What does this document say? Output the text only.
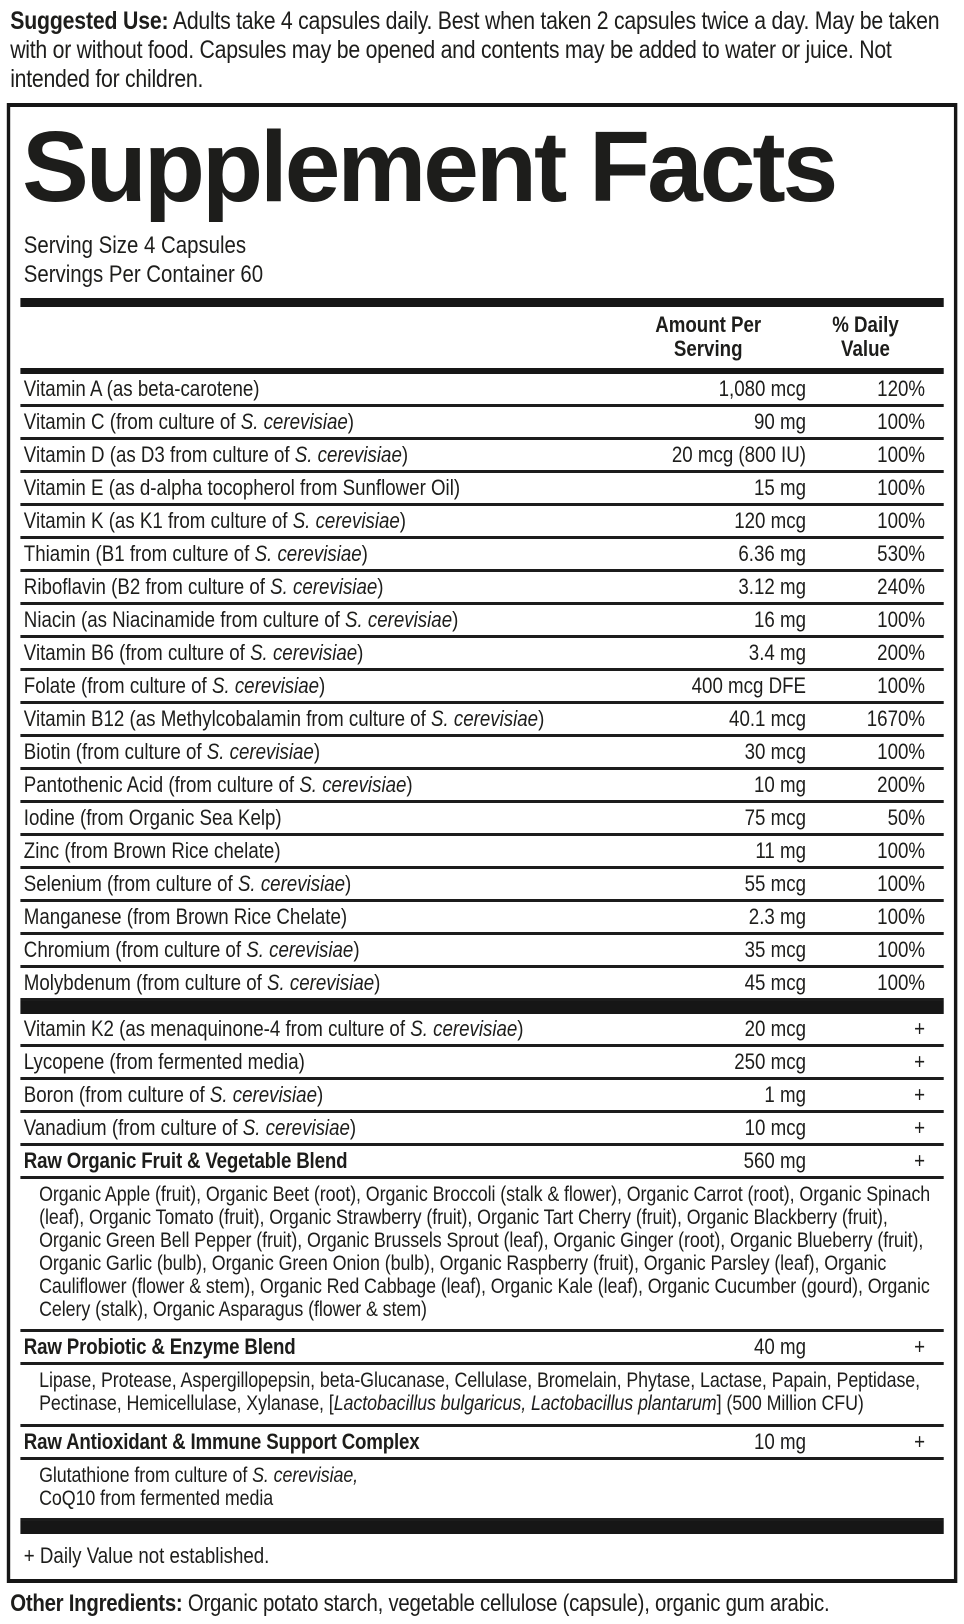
Suggested Use: Adults take 4 capsules daily. Best when taken 2 capsules twice a day. May be taken with or without food. Capsules may be opened and contents may be added to water or juice. Not intended for children.
Supplement Facts
Serving Size 4 Capsules
Servings Per Container 60
Amount Per
Serving
% Daily
Value
Vitamin A (as beta-carotene)	1,080 mcg	120%
Vitamin C (from culture of S. cerevisiae)	90 mg	100%
Vitamin D (as D3 from culture of S. cerevisiae)	20 mcg (800 IU)	100%
Vitamin E (as d-alpha tocopherol from Sunflower Oil)	15 mg	100%
Vitamin K (as K1 from culture of S. cerevisiae)	120 mcg	100%
Thiamin (B1 from culture of S. cerevisiae)	6.36 mg	530%
Riboflavin (B2 from culture of S. cerevisiae)	3.12 mg	240%
Niacin (as Niacinamide from culture of S. cerevisiae)	16 mg	100%
Vitamin B6 (from culture of S. cerevisiae)	3.4 mg	200%
Folate (from culture of S. cerevisiae)	400 mcg DFE	100%
Vitamin B12 (as Methylcobalamin from culture of S. cerevisiae)	40.1 mcg	1670%
Biotin (from culture of S. cerevisiae)	30 mcg	100%
Pantothenic Acid (from culture of S. cerevisiae)	10 mg	200%
Iodine (from Organic Sea Kelp)	75 mcg	50%
Zinc (from Brown Rice chelate)	11 mg	100%
Selenium (from culture of S. cerevisiae)	55 mcg	100%
Manganese (from Brown Rice Chelate)	2.3 mg	100%
Chromium (from culture of S. cerevisiae)	35 mcg	100%
Molybdenum (from culture of S. cerevisiae)	45 mcg	100%
Vitamin K2 (as menaquinone-4 from culture of S. cerevisiae)	20 mcg	+
Lycopene (from fermented media)	250 mcg	+
Boron (from culture of S. cerevisiae)	1 mg	+
Vanadium (from culture of S. cerevisiae)	10 mcg	+
Raw Organic Fruit & Vegetable Blend	560 mg	+
Organic Apple (fruit), Organic Beet (root), Organic Broccoli (stalk & flower), Organic Carrot (root), Organic Spinach (leaf), Organic Tomato (fruit), Organic Strawberry (fruit), Organic Tart Cherry (fruit), Organic Blackberry (fruit), Organic Green Bell Pepper (fruit), Organic Brussels Sprout (leaf), Organic Ginger (root), Organic Blueberry (fruit), Organic Garlic (bulb), Organic Green Onion (bulb), Organic Raspberry (fruit), Organic Parsley (leaf), Organic Cauliflower (flower & stem), Organic Red Cabbage (leaf), Organic Kale (leaf), Organic Cucumber (gourd), Organic Celery (stalk), Organic Asparagus (flower & stem)
Raw Probiotic & Enzyme Blend	40 mg	+
Lipase, Protease, Aspergillopepsin, beta-Glucanase, Cellulase, Bromelain, Phytase, Lactase, Papain, Peptidase, Pectinase, Hemicellulase, Xylanase, [Lactobacillus bulgaricus, Lactobacillus plantarum] (500 Million CFU)
Raw Antioxidant & Immune Support Complex	10 mg	+
Glutathione from culture of S. cerevisiae,
CoQ10 from fermented media
+ Daily Value not established.
Other Ingredients: Organic potato starch, vegetable cellulose (capsule), organic gum arabic.
